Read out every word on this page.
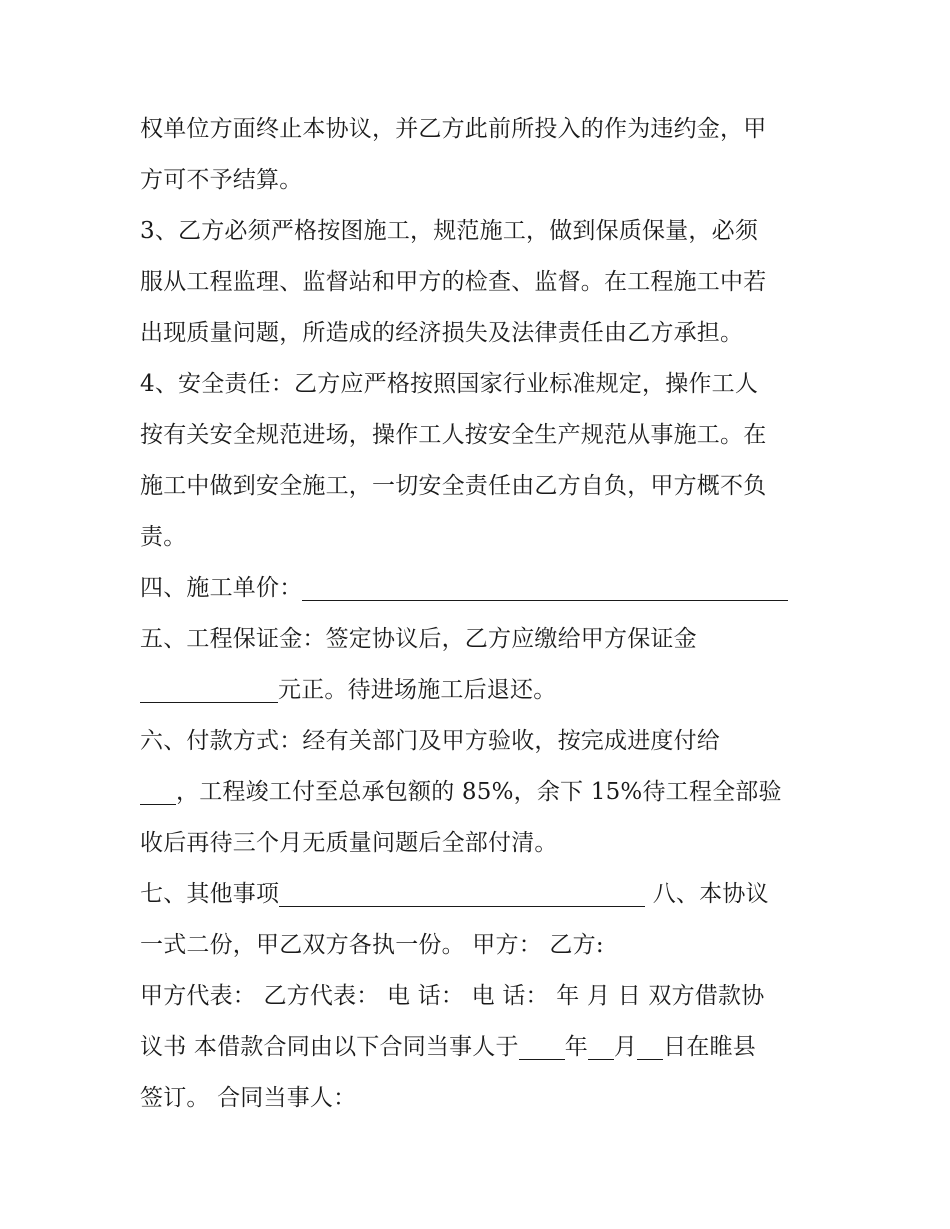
权单位方面终止本协议，并乙方此前所投入的作为违约金，甲
方可不予结算。
3、乙方必须严格按图施工，规范施工，做到保质保量，必须
服从工程监理、监督站和甲方的检查、监督。在工程施工中若
出现质量问题，所造成的经济损失及法律责任由乙方承担。
4、安全责任：乙方应严格按照国家行业标准规定，操作工人
按有关安全规范进场，操作工人按安全生产规范从事施工。在
施工中做到安全施工，一切安全责任由乙方自负，甲方概不负
责。
四、施工单价：
五、工程保证金：签定协议后，乙方应缴给甲方保证金
元正。待进场施工后退还。
六、付款方式：经有关部门及甲方验收，按完成进度付给
，工程竣工付至总承包额的 85%，余下 15%待工程全部验
收后再待三个月无质量问题后全部付清。
七、其他事项	八、本协议
一式二份，甲乙双方各执一份。 甲方： 乙方:
甲方代表： 乙方代表： 电 话： 电 话： 年 月 日 双方借款协
议书 本借款合同由以下合同当事人于 年 月 日在睢县
签订。 合同当事人：
